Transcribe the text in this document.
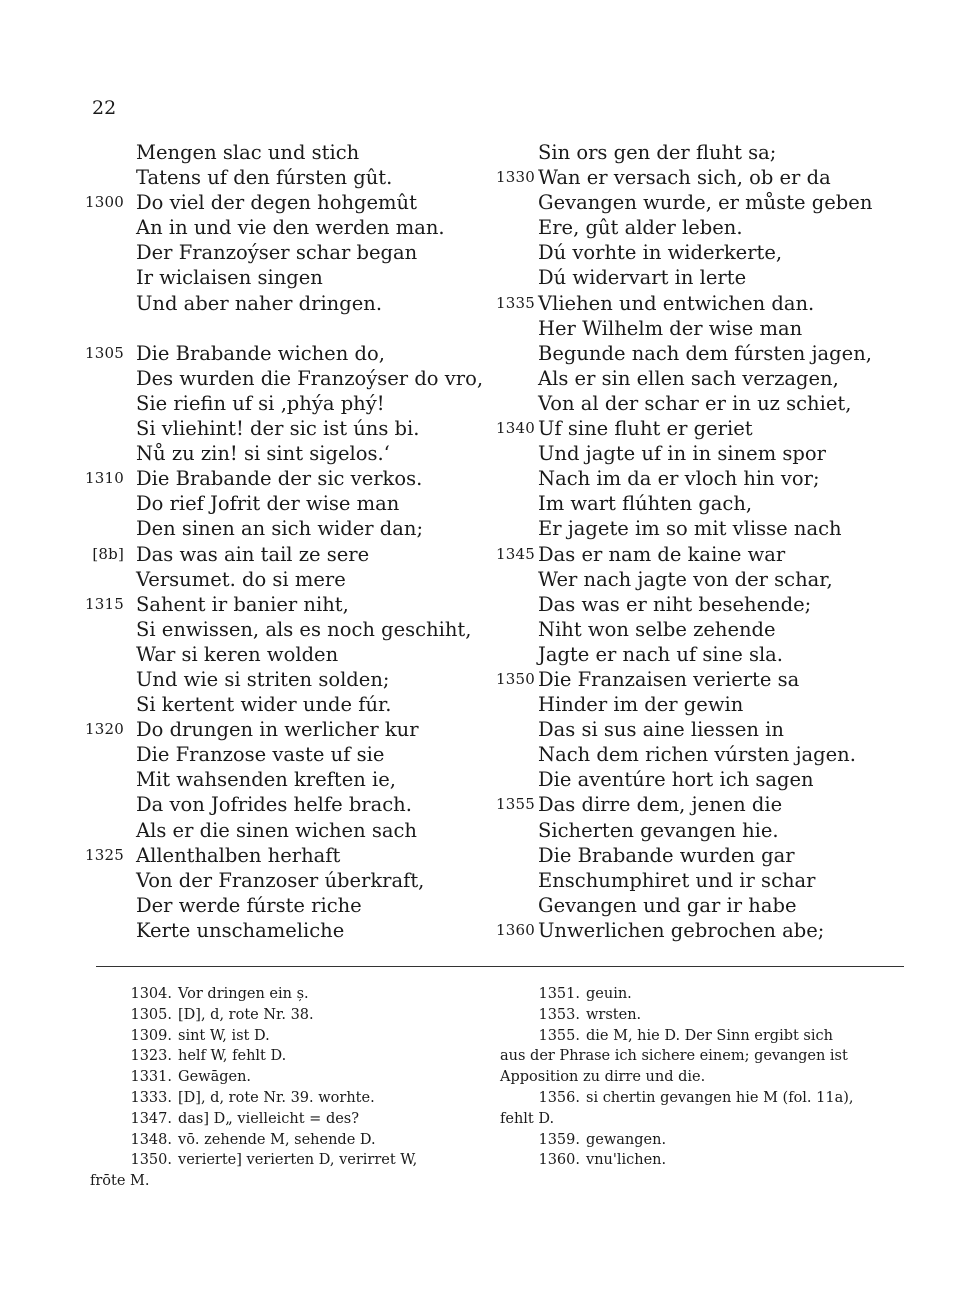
22
Mengen slac und stich
Tatens uf den fúrsten gût.
1300 Do viel der degen hohgemût
An in und vie den werden man.
Der Franzoýser schar began
Ir wiclaisen singen
Und aber naher dringen.
1305 Die Brabande wichen do,
Des wurden die Franzoýser do vro,
Sie riefin uf si ‚phýa phý!
Si vliehint! der sic ist úns bi.
Nů zu zin! si sint sigelos.‘
1310 Die Brabande der sic verkos.
Do rief Jofrit der wise man
Den sinen an sich wider dan;
[8b] Das was ain tail ze sere
Versumet. do si mere
1315 Sahent ir banier niht,
Si enwissen, als es noch geschiht,
War si keren wolden
Und wie si striten solden;
Si kertent wider unde fúr.
1320 Do drungen in werlicher kur
Die Franzose vaste uf sie
Mit wahsenden kreften ie,
Da von Jofrides helfe brach.
Als er die sinen wichen sach
1325 Allenthalben herhaft
Von der Franzoser úberkraft,
Der werde fúrste riche
Kerte unschameliche
Sin ors gen der fluht sa;
1330 Wan er versach sich, ob er da
Gevangen wurde, er můste geben
Ere, gût alder leben.
Dú vorhte in widerkerte,
Dú widervart in lerte
1335 Vliehen und entwichen dan.
Her Wilhelm der wise man
Begunde nach dem fúrsten jagen,
Als er sin ellen sach verzagen,
Von al der schar er in uz schiet,
1340 Uf sine fluht er geriet
Und jagte uf in in sinem spor
Nach im da er vloch hin vor;
Im wart flúhten gach,
Er jagete im so mit vlisse nach
1345 Das er nam de kaine war
Wer nach jagte von der schar,
Das was er niht besehende;
Niht won selbe zehende
Jagte er nach uf sine sla.
1350 Die Franzaisen verierte sa
Hinder im der gewin
Das si sus aine liessen in
Nach dem richen vúrsten jagen.
Die aventúre hort ich sagen
1355 Das dirre dem, jenen die
Sicherten gevangen hie.
Die Brabande wurden gar
Enschumphiret und ir schar
Gevangen und gar ir habe
1360 Unwerlichen gebrochen abe;
1304. Vor dringen ein ș.
1305. [D], d, rote Nr. 38.
1309. sint W, ist D.
1323. helf W, fehlt D.
1331. Gewāgen.
1333. [D], d, rote Nr. 39. worhte.
1347. das] D„ vielleicht = des?
1348. vō. zehende M, sehende D.
1350. verierte] verierten D, verirret W,
frōte M.
1351. geuin.
1353. wrsten.
1355. die M, hie D. Der Sinn ergibt sich
aus der Phrase ich sichere einem; gevangen ist
Apposition zu dirre und die.
1356. si chertin gevangen hie M (fol. 11a),
fehlt D.
1359. gewangen.
1360. vnu'lichen.
